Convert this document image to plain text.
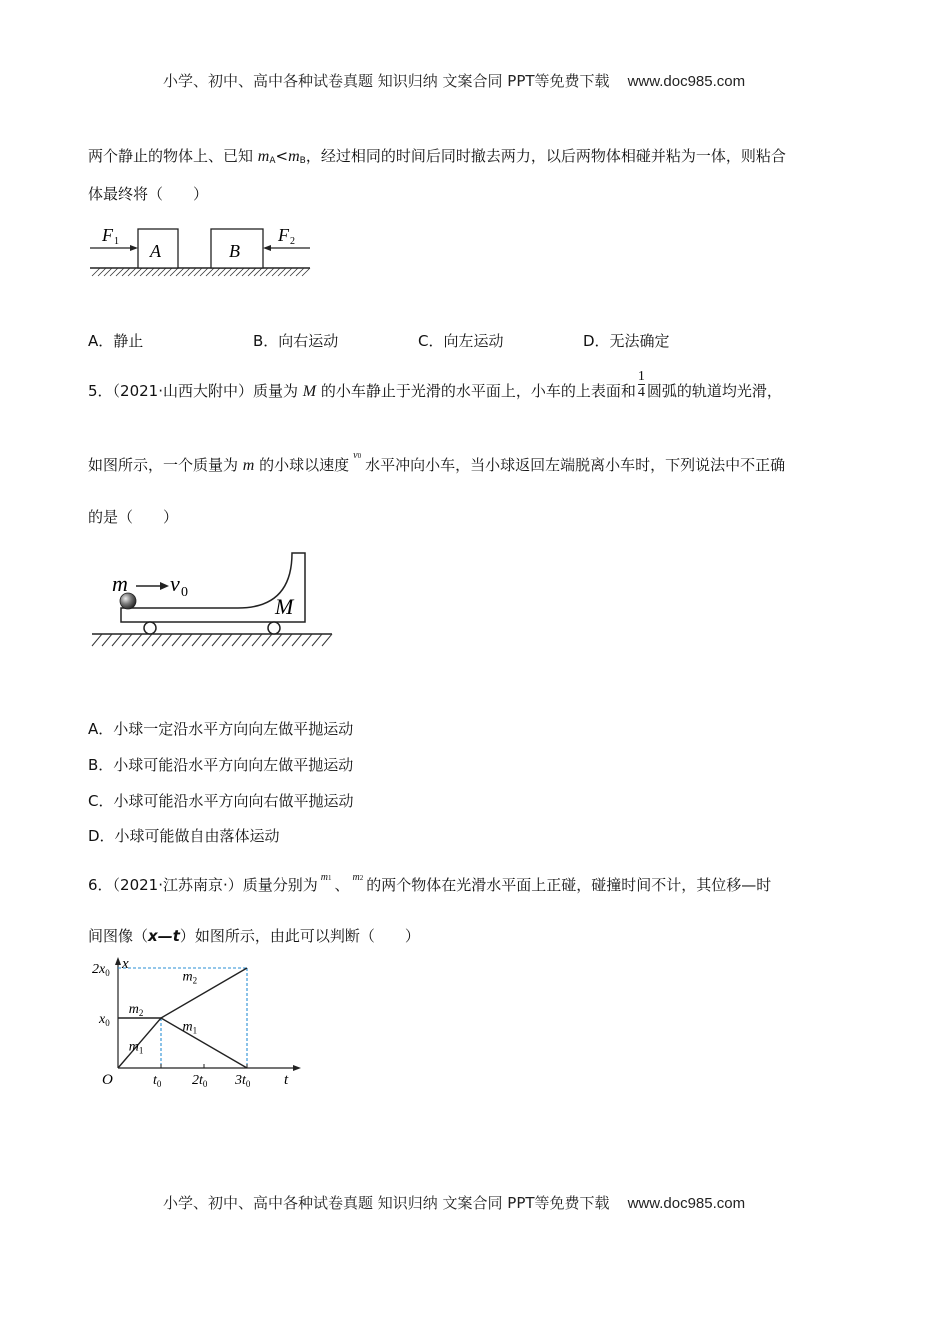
小学、初中、高中各种试卷真题 知识归纳 文案合同 PPT等免费下载 www.doc985.com
两个静止的物体上、已知 $m_A<m_B$，经过相同的时间后同时撤去两力，以后两物体相碰并粘为一体，则粘合
体最终将（　　）
A	B
F 1	F 2
A．静止	B．向右运动	C．向左运动	D．无法确定
5．（2021·山西大附中）质量为 M 的小车静止于光滑的水平面上，小车的上表面和 $\frac{1}{4}$ 圆弧的轨道均光滑，
如图所示，一个质量为 m 的小球以速度v0 水平冲向小车，当小球返回左端脱离小车时，下列说法中不正确
的是（　　）
m v 0
M
A．小球一定沿水平方向向左做平抛运动
B．小球可能沿水平方向向左做平抛运动
C．小球可能沿水平方向向右做平抛运动
D．小球可能做自由落体运动
6．（2021·江苏南京·）质量分别为 m1 、 m2 的两个物体在光滑水平面上正碰，碰撞时间不计，其位移—时
间图像（x—t）如图所示，由此可以判断（　　）
$m_2$
$m_2$
$m_1$
$m_1$
$t_0$ $2t_0$ $3t_0$
$x_0$
$2x_0$
t
x
O
小学、初中、高中各种试卷真题 知识归纳 文案合同 PPT等免费下载 www.doc985.com
